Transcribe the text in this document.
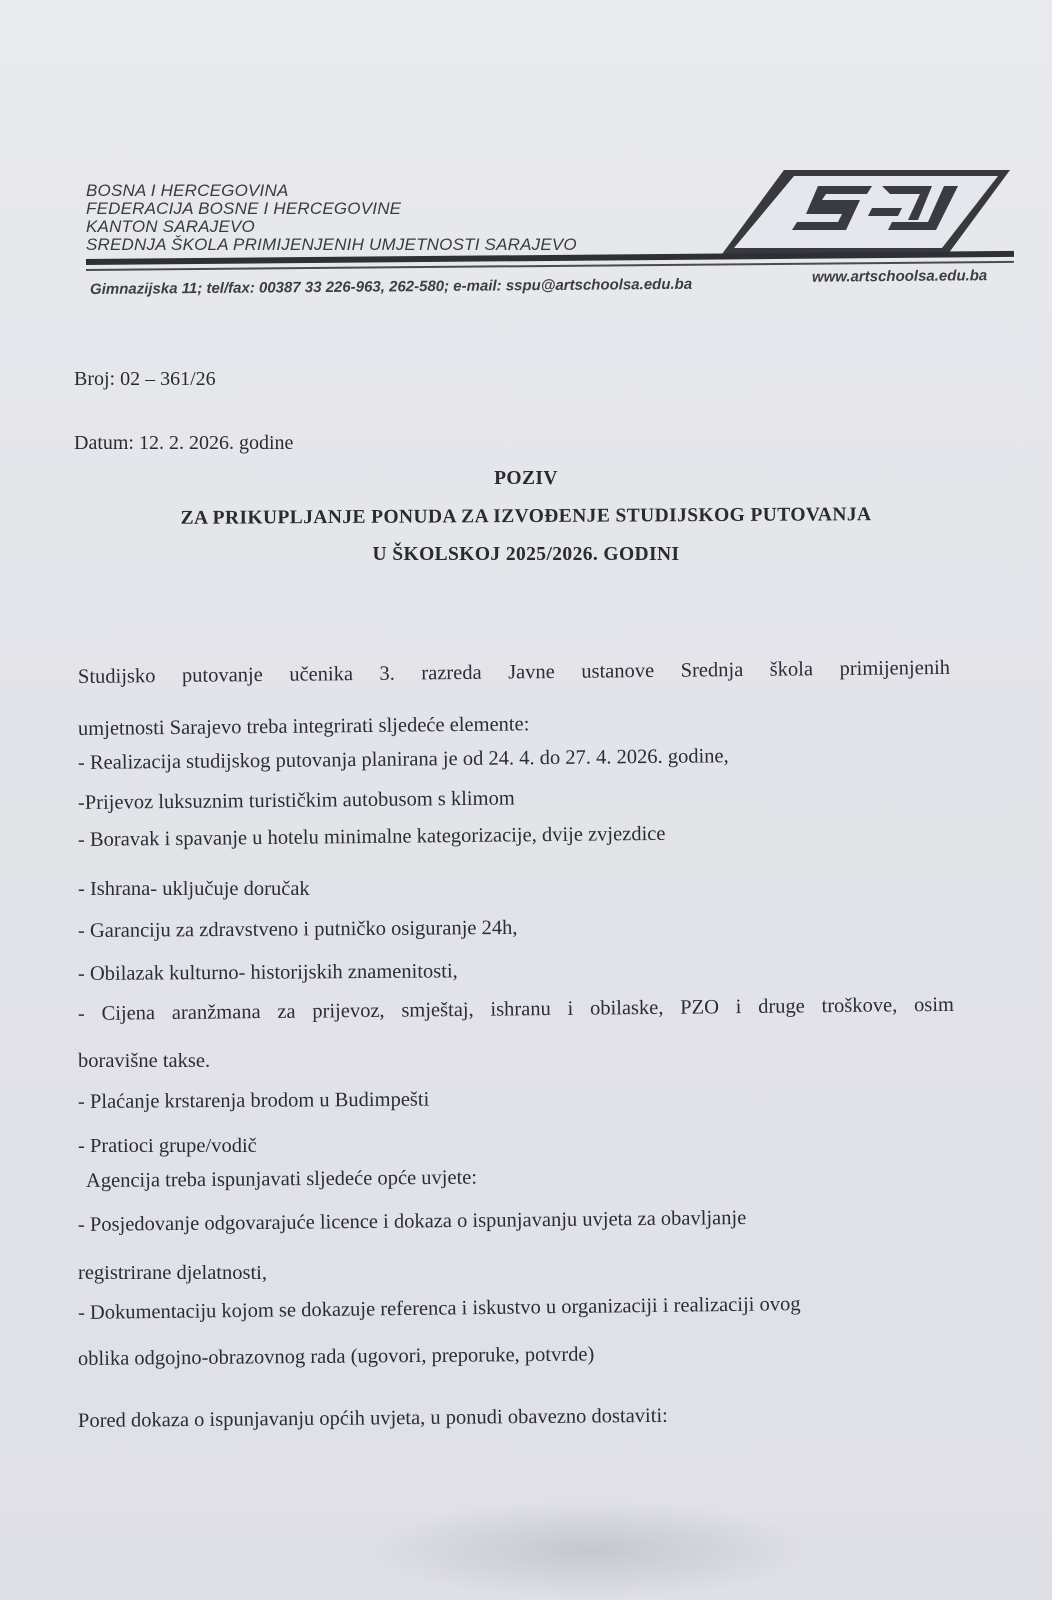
BOSNA I HERCEGOVINA
FEDERACIJA BOSNE I HERCEGOVINE
KANTON SARAJEVO
SREDNJA ŠKOLA PRIMIJENJENIH UMJETNOSTI SARAJEVO
Gimnazijska 11; tel/fax: 00387 33 226-963, 262-580; e-mail: sspu@artschoolsa.edu.ba	www.artschoolsa.edu.ba
Broj: 02 – 361/26
Datum: 12. 2. 2026. godine
POZIV
ZA PRIKUPLJANJE PONUDA ZA IZVOĐENJE STUDIJSKOG PUTOVANJA
U ŠKOLSKOJ 2025/2026. GODINI
Studijsko putovanje učenika 3. razreda Javne ustanove Srednja škola primijenjenih
umjetnosti Sarajevo treba integrirati sljedeće elemente:
- Realizacija studijskog putovanja planirana je od 24. 4. do 27. 4. 2026. godine,
-Prijevoz luksuznim turističkim autobusom s klimom
- Boravak i spavanje u hotelu minimalne kategorizacije, dvije zvjezdice
- Ishrana- uključuje doručak
- Garanciju za zdravstveno i putničko osiguranje 24h,
- Obilazak kulturno- historijskih znamenitosti,
- Cijena aranžmana za prijevoz, smještaj, ishranu i obilaske, PZO i druge troškove, osim
boravišne takse.
- Plaćanje krstarenja brodom u Budimpešti
- Pratioci grupe/vodič
Agencija treba ispunjavati sljedeće opće uvjete:
- Posjedovanje odgovarajuće licence i dokaza o ispunjavanju uvjeta za obavljanje
registrirane djelatnosti,
- Dokumentaciju kojom se dokazuje referenca i iskustvo u organizaciji i realizaciji ovog
oblika odgojno-obrazovnog rada (ugovori, preporuke, potvrde)
Pored dokaza o ispunjavanju općih uvjeta, u ponudi obavezno dostaviti:
